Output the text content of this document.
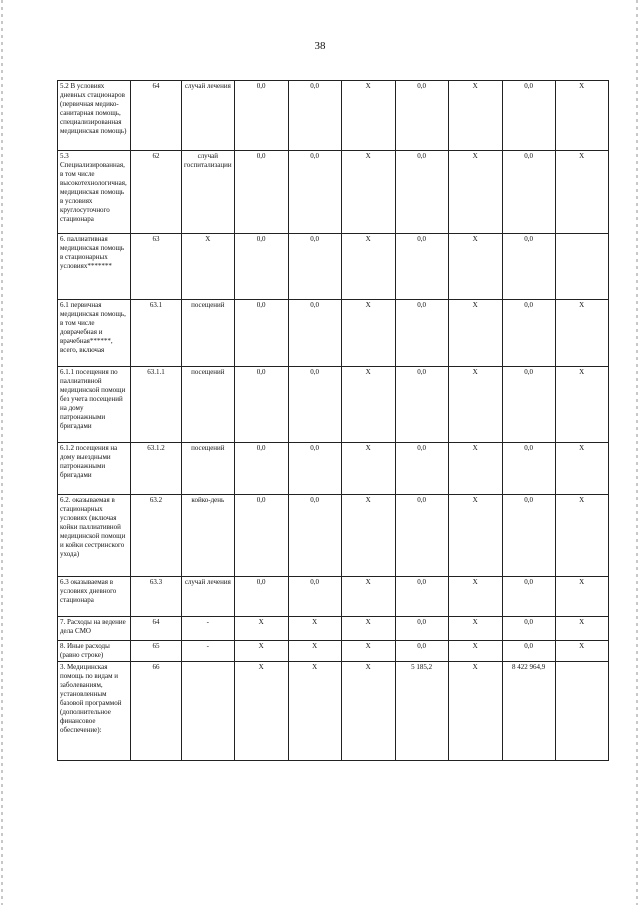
38
5.2 В условиях дневных стационаров (первичная медико-санитарная помощь, специализированная медицинская помощь)	64	случай лечения	0,0	0,0	X	0,0	X	0,0	X
5.3 Специализированная, в том числе высокотехнологичная, медицинская помощь в условиях круглосуточного стационара	62	случай госпитализации	0,0	0,0	X	0,0	X	0,0	X
6. паллиативная медицинская помощь в стационарных условиях*******	63	X	0,0	0,0	X	0,0	X	0,0	
6.1 первичная медицинская помощь, в том числе доврачебная и врачебная******, всего, включая	63.1	посещений	0,0	0,0	X	0,0	X	0,0	X
6.1.1 посещения по паллиативной медицинской помощи без учета посещений на дому патронажными бригадами	63.1.1	посещений	0,0	0,0	X	0,0	X	0,0	X
6.1.2 посещения на дому выездными патронажными бригадами	63.1.2	посещений	0,0	0,0	X	0,0	X	0,0	X
6.2. оказываемая в стационарных условиях (включая койки паллиативной медицинской помощи и койки сестринского ухода)	63.2	койко-день	0,0	0,0	X	0,0	X	0,0	X
6.3 оказываемая в условиях дневного стационара	63.3	случай лечения	0,0	0,0	X	0,0	X	0,0	X
7. Расходы на ведение дела СМО	64	-	X	X	X	0,0	X	0,0	X
8. Иные расходы (равно строке)	65	-	X	X	X	0,0	X	0,0	X
3. Медицинская помощь по видам и заболеваниям, установленным базовой программой (дополнительное финансовое обеспечение):	66		X	X	X	5 185,2	X	8 422 964,9	
